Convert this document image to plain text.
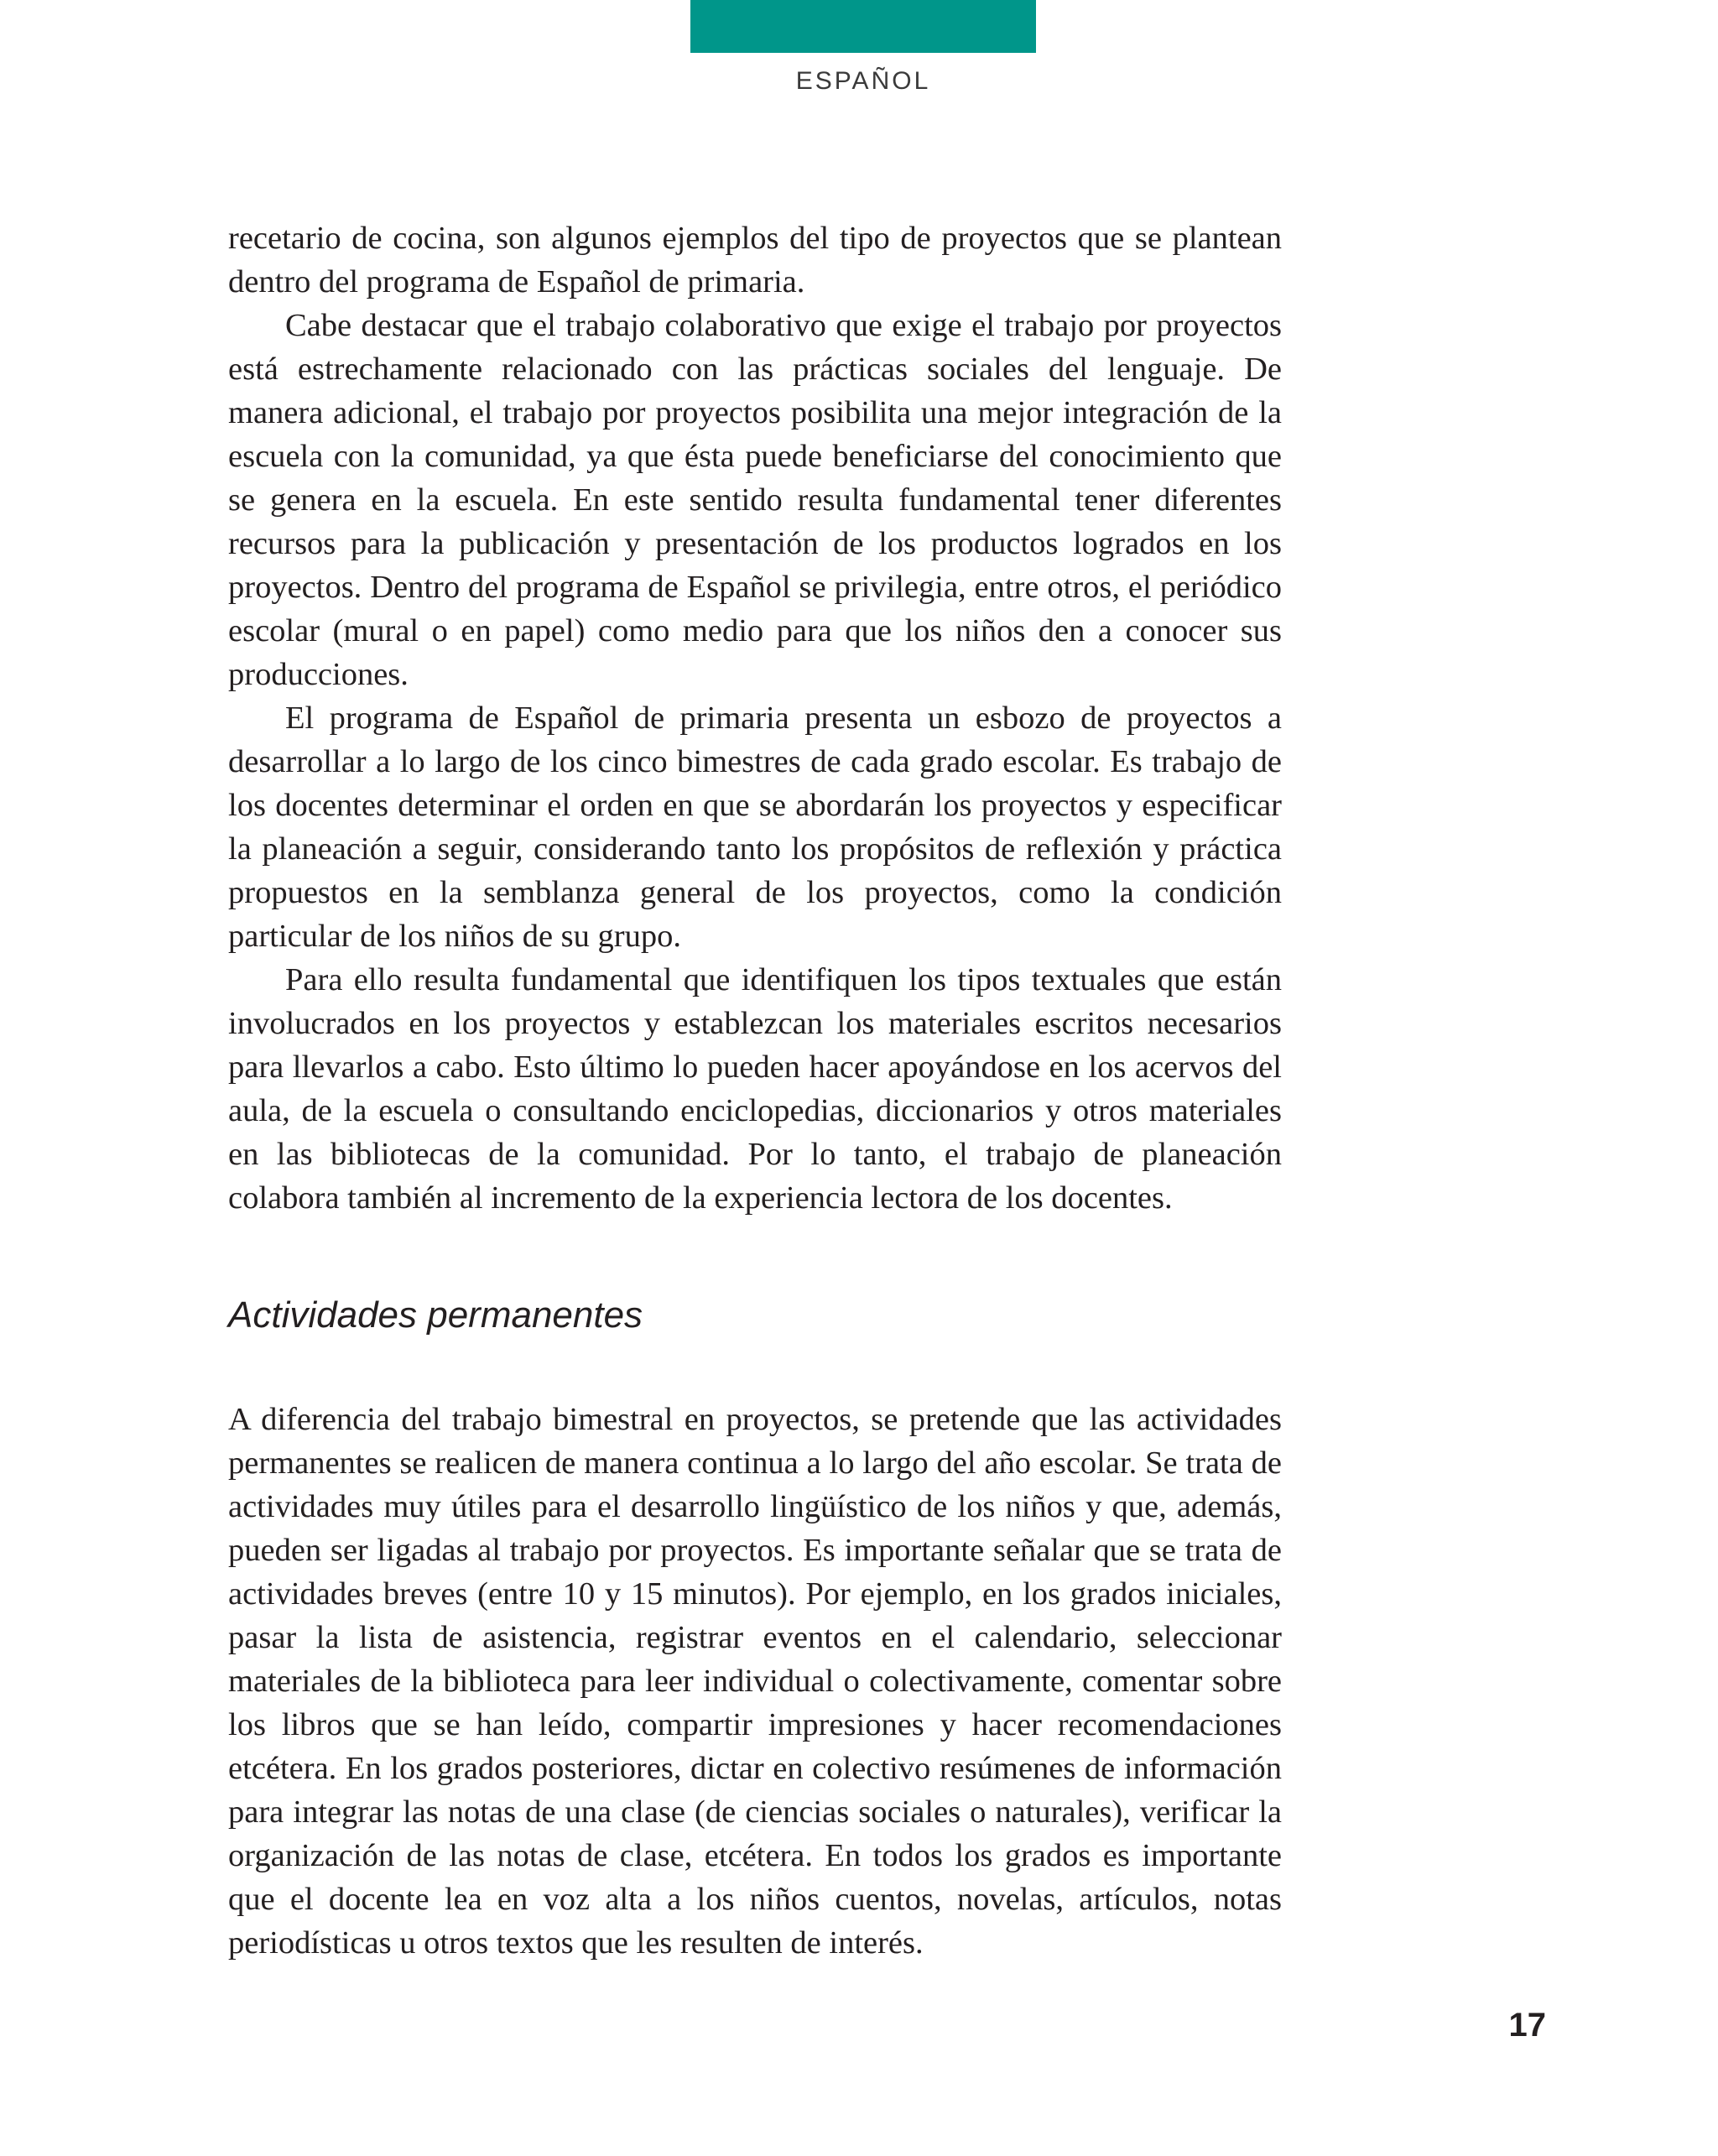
ESPAÑOL

recetario de cocina, son algunos ejemplos del tipo de proyectos que se plantean dentro del programa de Español de primaria.

Cabe destacar que el trabajo colaborativo que exige el trabajo por proyectos está estrechamente relacionado con las prácticas sociales del lenguaje. De manera adicional, el trabajo por proyectos posibilita una mejor integración de la escuela con la comunidad, ya que ésta puede beneficiarse del conocimiento que se genera en la escuela. En este sentido resulta fundamental tener diferentes recursos para la publicación y presentación de los productos logrados en los proyectos. Dentro del programa de Español se privilegia, entre otros, el periódico escolar (mural o en papel) como medio para que los niños den a conocer sus producciones.

El programa de Español de primaria presenta un esbozo de proyectos a desarrollar a lo largo de los cinco bimestres de cada grado escolar. Es trabajo de los docentes determinar el orden en que se abordarán los proyectos y especificar la planeación a seguir, considerando tanto los propósitos de reflexión y práctica propuestos en la semblanza general de los proyectos, como la condición particular de los niños de su grupo.

Para ello resulta fundamental que identifiquen los tipos textuales que están involucrados en los proyectos y establezcan los materiales escritos necesarios para llevarlos a cabo. Esto último lo pueden hacer apoyándose en los acervos del aula, de la escuela o consultando enciclopedias, diccionarios y otros materiales en las bibliotecas de la comunidad. Por lo tanto, el trabajo de planeación colabora también al incremento de la experiencia lectora de los docentes.

Actividades permanentes

A diferencia del trabajo bimestral en proyectos, se pretende que las actividades permanentes se realicen de manera continua a lo largo del año escolar. Se trata de actividades muy útiles para el desarrollo lingüístico de los niños y que, además, pueden ser ligadas al trabajo por proyectos. Es importante señalar que se trata de actividades breves (entre 10 y 15 minutos). Por ejemplo, en los grados iniciales, pasar la lista de asistencia, registrar eventos en el calendario, seleccionar materiales de la biblioteca para leer individual o colectivamente, comentar sobre los libros que se han leído, compartir impresiones y hacer recomendaciones etcétera. En los grados posteriores, dictar en colectivo resúmenes de información para integrar las notas de una clase (de ciencias sociales o naturales), verificar la organización de las notas de clase, etcétera. En todos los grados es importante que el docente lea en voz alta a los niños cuentos, novelas, artículos, notas periodísticas u otros textos que les resulten de interés.

17
